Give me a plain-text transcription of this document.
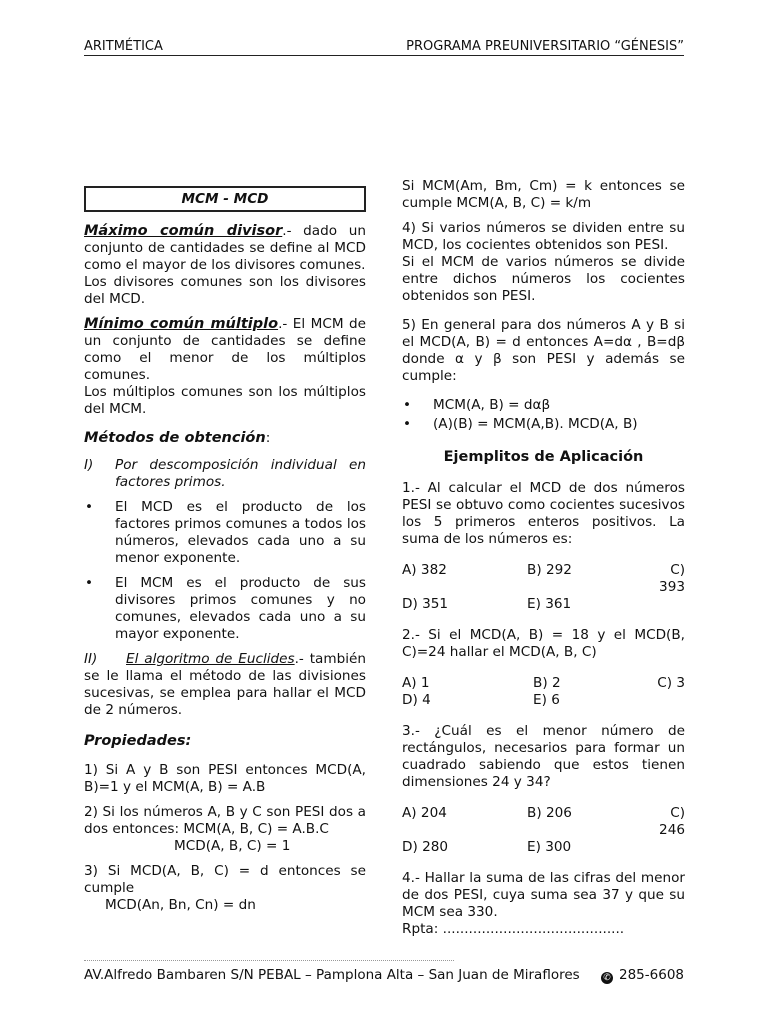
ARITMÉTICA	PROGRAMA PREUNIVERSITARIO “GÉNESIS”
MCM - MCD

Máximo común divisor.- dado un conjunto de cantidades se define al MCD como el mayor de los divisores comunes.
Los divisores comunes son los divisores del MCD.

Mínimo común múltiplo.- El MCM de un conjunto de cantidades se define como el menor de los múltiplos comunes.
Los múltiplos comunes son los múltiplos del MCM.

Métodos de obtención:

I)	Por descomposición individual en factores primos.

• El MCD es el producto de los factores primos comunes a todos los números, elevados cada uno a su menor exponente.
• El MCM es el producto de sus divisores primos comunes y no comunes, elevados cada uno a su mayor exponente.

II) El algoritmo de Euclides.- también se le llama el método de las divisiones sucesivas, se emplea para hallar el MCD de 2 números.

Propiedades:

1) Si A y B son PESI entonces MCD(A, B)=1 y el MCM(A, B) = A.B

2) Si los números A, B y C son PESI dos a dos entonces: MCM(A, B, C) = A.B.C

MCD(A, B, C) = 1

3) Si MCD(A, B, C) = d entonces se cumple

MCD(An, Bn, Cn) = dn

Si MCM(Am, Bm, Cm) = k entonces se cumple MCM(A, B, C) = k/m

4) Si varios números se dividen entre su MCD, los cocientes obtenidos son PESI.

Si el MCM de varios números se divide entre dichos números los cocientes obtenidos son PESI.

5) En general para dos números A y B si el MCD(A, B) = d entonces A=dα , B=dβ donde α y β son PESI y además se cumple:

• MCM(A, B) = dαβ
• (A)(B) = MCM(A,B). MCD(A, B)

Ejemplitos de Aplicación

1.- Al calcular el MCD de dos números PESI se obtuvo como cocientes sucesivos los 5 primeros enteros positivos. La suma de los números es:

A) 382	B) 292	C) 393
D) 351	E) 361

2.- Si el MCD(A, B) = 18 y el MCD(B, C)=24 hallar el MCD(A, B, C)

A) 1	B) 2	C) 3
D) 4	E) 6

3.- ¿Cuál es el menor número de rectángulos, necesarios para formar un cuadrado sabiendo que estos tienen dimensiones 24 y 34?

A) 204	B) 206	C) 246
D) 280	E) 300

4.- Hallar la suma de las cifras del menor de dos PESI, cuya suma sea 37 y que su MCM sea 330.

Rpta: ..........................................

AV.Alfredo Bambaren S/N PEBAL – Pamplona Alta – San Juan de Miraflores	✆ 285-6608
